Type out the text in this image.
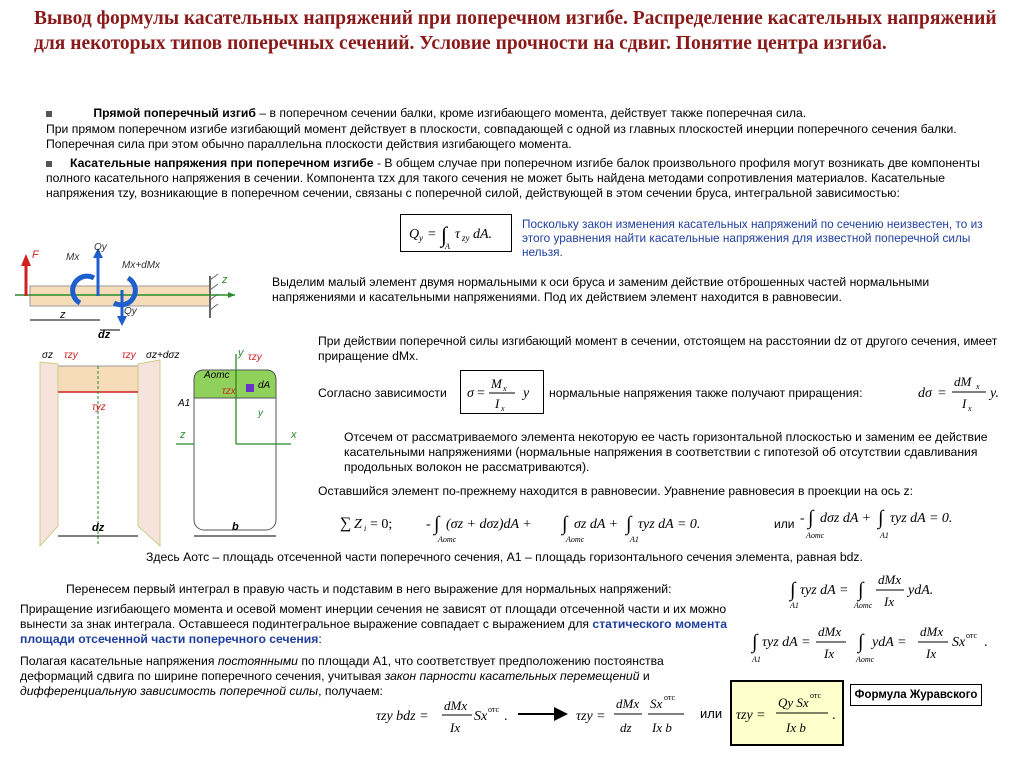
Вывод формулы касательных напряжений при поперечном изгибе. Распределение касательных напряжений для некоторых типов поперечных сечений. Условие прочности на сдвиг. Понятие центра изгиба.
Прямой поперечный изгиб – в поперечном сечении балки, кроме изгибающего момента, действует также поперечная сила.
При прямом поперечном изгибе изгибающий момент действует в плоскости, совпадающей с одной из главных плоскостей инерции поперечного сечения балки. Поперечная сила при этом обычно параллельна плоскости действия изгибающего момента.
Касательные напряжения при поперечном изгибе - В общем случае при поперечном изгибе балок произвольного профиля могут возникать две компоненты полного касательного напряжения в сечении. Компонента τzx для такого сечения не может быть найдена методами сопротивления материалов. Касательные напряжения τzy, возникающие в поперечном сечении, связаны с поперечной силой, действующей в этом сечении бруса, интегральной зависимостью:
Q y = ∫
A
τ zy dA.
Поскольку закон изменения касательных напряжений по сечению неизвестен, то из этого уравнения найти касательные напряжения для известной поперечной силы нельзя.
z
F	Mx
Qy
Mx+dMx
Qy
z
dz
Выделим малый элемент двумя нормальными к оси бруса и заменим действие отброшенных частей нормальными напряжениями и касательными напряжениями. Под их действием элемент находится в равновесии.
При действии поперечной силы изгибающий момент в сечении, отстоящем на расстоянии dz от другого сечения, имеет приращение dMx.
σz τzy	τzy σz+dσz
τyz
dz
y τzy
Aотс
τzx
dA
A1
y
z	x
b
Согласно зависимости σ =
M x
I x
y нормальные напряжения также получают приращения:	dσ =
dM x
I x
y.
Отсечем от рассматриваемого элемента некоторую ее часть горизонтальной плоскостью и заменим ее действие касательными напряжениями (нормальные напряжения в соответствии с гипотезой об отсутствии сдавливания продольных волокон не рассматриваются).
Оставшийся элемент по-прежнему находится в равновесии. Уравнение равновесия в проекции на ось z:
∑ Z i = 0; - ∫
Aотс
(σz + dσz)dA + ∫
Aотс
σz dA + ∫
A1
τyz dA = 0.	или - ∫
Aотс
dσz dA + ∫
A1
τyz dA = 0.
Здесь Aотс – площадь отсеченной части поперечного сечения, A1 – площадь горизонтального сечения элемента, равная bdz.
Перенесем первый интеграл в правую часть и подставим в него выражение для нормальных напряжений:	∫
A1
τyz dA = ∫
Aотс
dMx
Ix
ydA.
Приращение изгибающего момента и осевой момент инерции сечения не зависят от площади отсеченной части и их можно вынести за знак интеграла. Оставшееся подинтегральное выражение совпадает с выражением для статического момента площади отсеченной части поперечного сечения:	∫
A1
τyz dA =
dMx
Ix
∫
Aотс
ydA =
dMx
Ix
Sx отс .
Полагая касательные напряжения постоянными по площади A1, что соответствует предположению постоянства деформаций сдвига по ширине поперечного сечения, учитывая закон парности касательных перемещений и дифференциальную зависимость поперечной силы, получаем:
τzy bdz =
dMx
Ix
Sx отс .	τzy =
dMx
dz
Sx отс
Ix b
или τzy =
Qy Sx отс
Ix b
.
Формула Журавского
